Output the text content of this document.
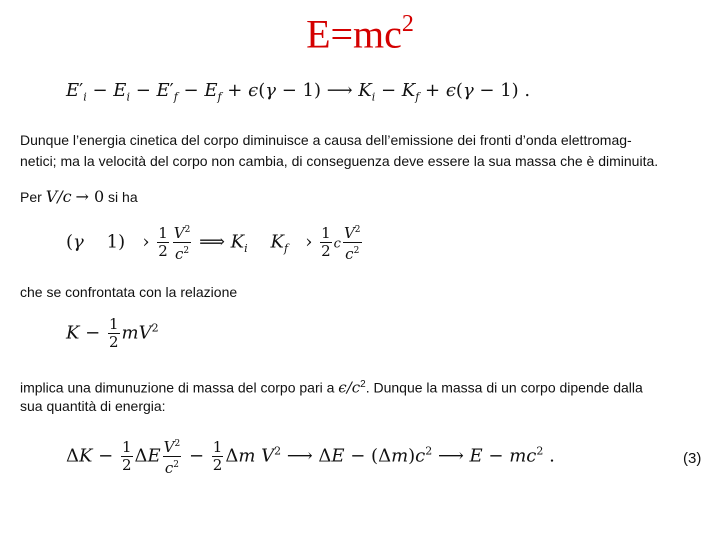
$E=mc^2$
$E'_i - E_i - E'_f - E_f + \epsilon(\gamma - 1)$ ⟶ $K_i - K_f + \epsilon(\gamma - 1)$ .
Dunque l’energia cinetica del corpo diminuisce a causa dell’emissione dei fronti d’onda elettromag-
netici; ma la velocità del corpo non cambia, di conseguenza deve essere la sua massa che è diminuita.
Per V/c → 0 si ha
(γ    1)   › $\frac{1}{2} \frac{V^2}{c^2}$ ⟹ $K_i$ $K_f$   › $\frac{1}{2}$ c $\frac{V^2}{c^2}$
che se confrontata con la relazione
$K - \frac{1}{2} mV^2$
implica una dimunuzione di massa del corpo pari a $\epsilon/c^2$. Dunque la massa di un corpo dipende dalla
sua quantità di energia:
$\Delta K - \frac{1}{2}$ ΔE $\frac{V^2}{c^2} - \frac{1}{2}$ Δm $V^2$ ⟶ $\Delta E - (\Delta m)c^2$ ⟶ $E - mc^2$ .	(3)
